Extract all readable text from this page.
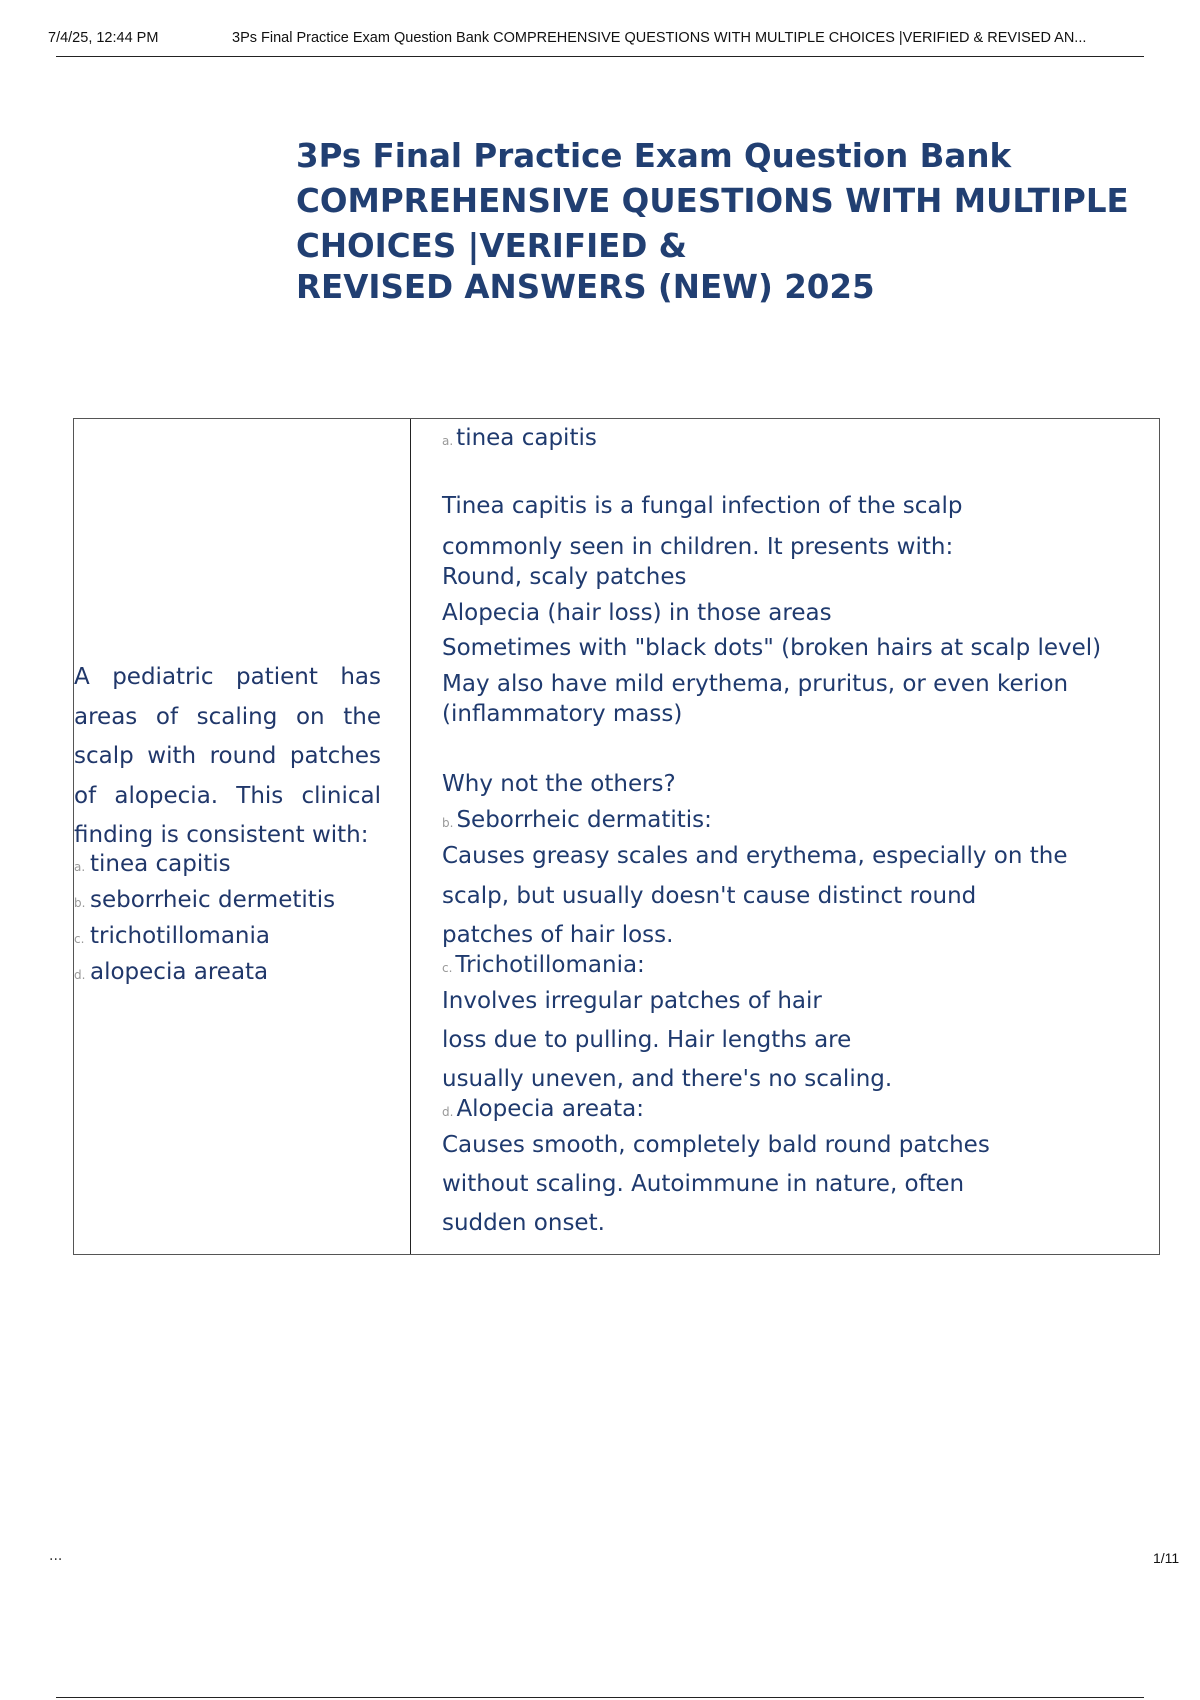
7/4/25, 12:44 PM	3Ps Final Practice Exam Question Bank COMPREHENSIVE QUESTIONS WITH MULTIPLE CHOICES |VERIFIED & REVISED AN...
3Ps Final Practice Exam Question Bank
COMPREHENSIVE QUESTIONS WITH MULTIPLE
CHOICES |VERIFIED &
REVISED ANSWERS (NEW) 2025
A pediatric patient has areas of scaling on the scalp with round patches of alopecia. This clinical finding is consistent with:
a. tinea capitis
b. seborrheic dermetitis
c. trichotillomania
d. alopecia areata
a. tinea capitis
Tinea capitis is a fungal infection of the scalp
commonly seen in children. It presents with:
Round, scaly patches
Alopecia (hair loss) in those areas
Sometimes with "black dots" (broken hairs at scalp level)
May also have mild erythema, pruritus, or even kerion
(inflammatory mass)
Why not the others?
b. Seborrheic dermatitis:
Causes greasy scales and erythema, especially on the
scalp, but usually doesn't cause distinct round
patches of hair loss.
c. Trichotillomania:
Involves irregular patches of hair
loss due to pulling. Hair lengths are
usually uneven, and there's no scaling.
d. Alopecia areata:
Causes smooth, completely bald round patches
without scaling. Autoimmune in nature, often
sudden onset.
...	1/11
